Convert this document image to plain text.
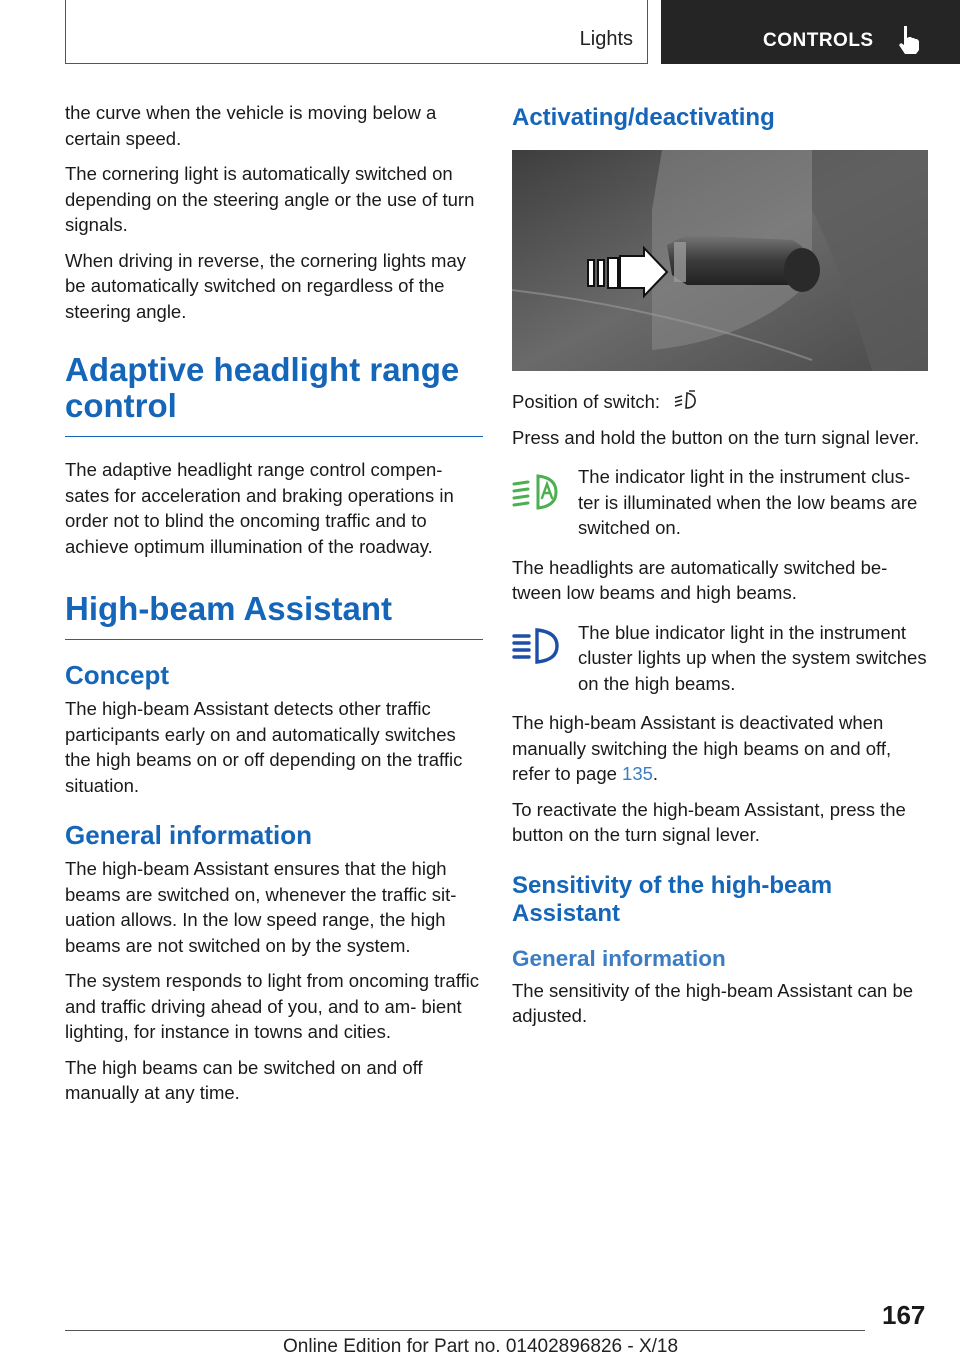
Lights	CONTROLS

the curve when the vehicle is moving below a certain speed.

The cornering light is automatically switched on depending on the steering angle or the use of turn signals.

When driving in reverse, the cornering lights may be automatically switched on regardless of the steering angle.

Adaptive headlight range control

The adaptive headlight range control compen‐ sates for acceleration and braking operations in order not to blind the oncoming traffic and to achieve optimum illumination of the roadway.

High-beam Assistant
Concept

The high-beam Assistant detects other traffic participants early on and automatically switches the high beams on or off depending on the traffic situation.

General information

The high-beam Assistant ensures that the high beams are switched on, whenever the traffic sit‐ uation allows. In the low speed range, the high beams are not switched on by the system.

The system responds to light from oncoming traffic and traffic driving ahead of you, and to am‐ bient lighting, for instance in towns and cities.

The high beams can be switched on and off manually at any time.

Activating/deactivating

Position of switch:

Press and hold the button on the turn signal lever.

The indicator light in the instrument clus‐ ter is illuminated when the low beams are switched on.

The headlights are automatically switched be‐ tween low beams and high beams.

The blue indicator light in the instrument cluster lights up when the system switches on the high beams.

The high-beam Assistant is deactivated when manually switching the high beams on and off, refer to page 135.

To reactivate the high-beam Assistant, press the button on the turn signal lever.

Sensitivity of the high-beam Assistant
General information

The sensitivity of the high-beam Assistant can be adjusted.

167
Online Edition for Part no. 01402896826 - X/18
